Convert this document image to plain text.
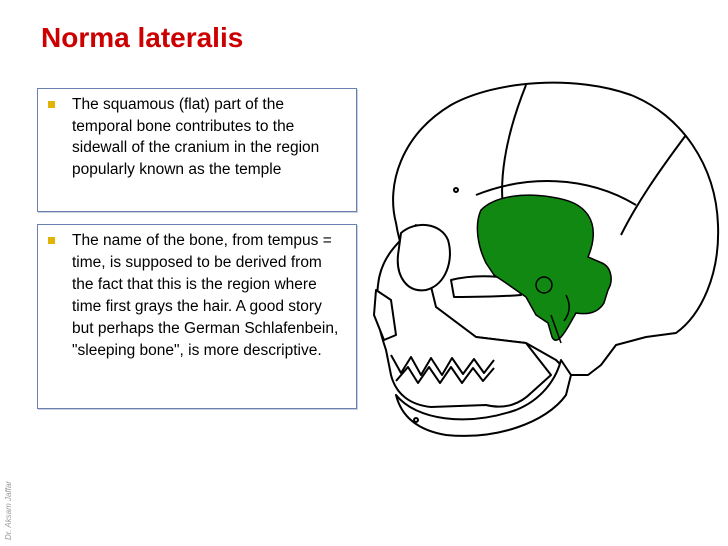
Norma lateralis
The squamous (flat) part of the temporal bone contributes to the sidewall of the cranium in the region popularly known as the temple
The name of the bone, from tempus = time, is supposed to be derived from the fact that this is the region where time first grays the hair. A good story but perhaps the German Schlafenbein, "sleeping bone", is more descriptive.
Dr. Aksam Jaffar
